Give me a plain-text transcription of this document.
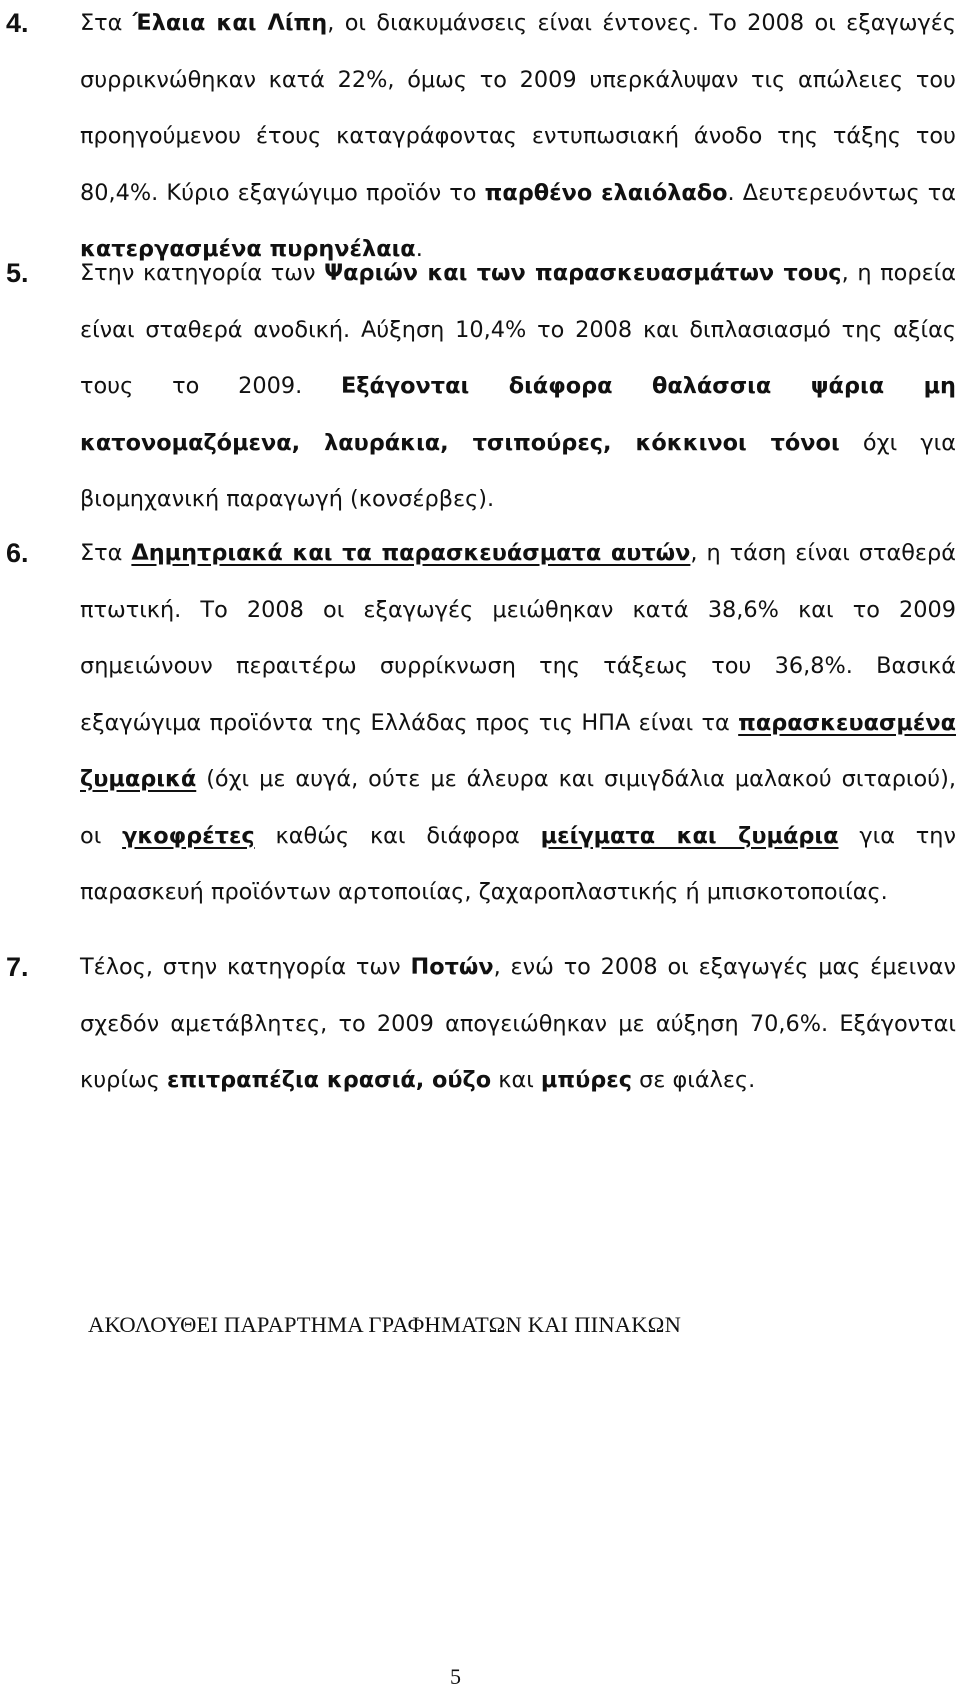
4. Στα Έλαια και Λίπη, οι διακυμάνσεις είναι έντονες. Το 2008 οι εξαγωγές συρρικνώθηκαν κατά 22%, όμως το 2009 υπερκάλυψαν τις απώλειες του προηγούμενου έτους καταγράφοντας εντυπωσιακή άνοδο της τάξης του 80,4%. Κύριο εξαγώγιμο προϊόν το παρθένο ελαιόλαδο. Δευτερευόντως τα κατεργασμένα πυρηνέλαια.

5. Στην κατηγορία των Ψαριών και των παρασκευασμάτων τους, η πορεία είναι σταθερά ανοδική. Αύξηση 10,4% το 2008 και διπλασιασμό της αξίας τους το 2009. Εξάγονται διάφορα θαλάσσια ψάρια μη κατονομαζόμενα, λαυράκια, τσιπούρες, κόκκινοι τόνοι όχι για βιομηχανική παραγωγή (κονσέρβες).

6. Στα Δημητριακά και τα παρασκευάσματα αυτών, η τάση είναι σταθερά πτωτική. Το 2008 οι εξαγωγές μειώθηκαν κατά 38,6% και το 2009 σημειώνουν περαιτέρω συρρίκνωση της τάξεως του 36,8%. Βασικά εξαγώγιμα προϊόντα της Ελλάδας προς τις ΗΠΑ είναι τα παρασκευασμένα ζυμαρικά (όχι με αυγά, ούτε με άλευρα και σιμιγδάλια μαλακού σιταριού), οι γκοφρέτες καθώς και διάφορα μείγματα και ζυμάρια για την παρασκευή προϊόντων αρτοποιίας, ζαχαροπλαστικής ή μπισκοτοποιίας.

7. Τέλος, στην κατηγορία των Ποτών, ενώ το 2008 οι εξαγωγές μας έμειναν σχεδόν αμετάβλητες, το 2009 απογειώθηκαν με αύξηση 70,6%. Εξάγονται κυρίως επιτραπέζια κρασιά, ούζο και μπύρες σε φιάλες.

ΑΚΟΛΟΥΘΕΙ ΠΑΡΑΡΤΗΜΑ ΓΡΑΦΗΜΑΤΩΝ ΚΑΙ ΠΙΝΑΚΩΝ
5
